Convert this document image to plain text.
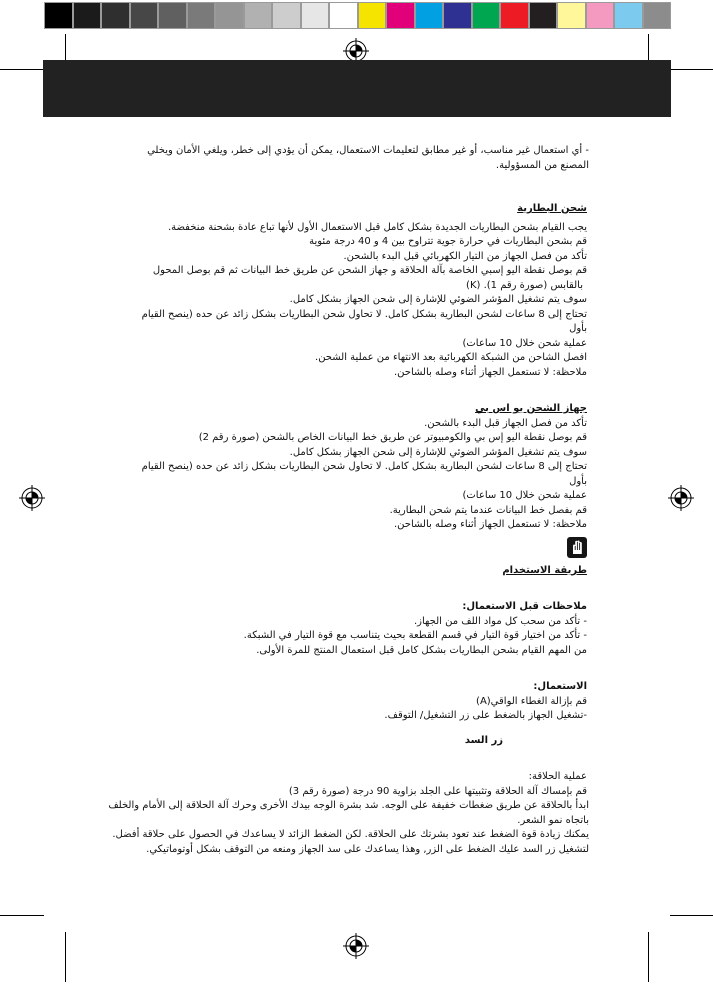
- أي استعمال غير مناسب، أو غير مطابق لتعليمات الاستعمال، يمكن أن يؤدي إلى خطر، ويلغي الأمان ويخلي

المصنع من المسؤولية.

شحن البطارية

يجب القيام بشحن البطاريات الجديدة بشكل كامل قبل الاستعمال الأول لأنها تباع عادة بشحنة منخفضة.

قم بشحن البطاريات في حرارة جوية تتراوح بين 4 و 40 درجة مئوية

تأكد من فصل الجهاز من التيار الكهربائي قبل البدء بالشحن.

قم بوصل نقطة اليو إسبي الخاصة بآلة الحلاقة و جهاز الشحن عن طريق خط البيانات ثم قم بوصل المحول

بالقابس (صورة رقم 1). (K)

سوف يتم تشغيل المؤشر الضوئي للإشارة إلى شحن الجهاز بشكل كامل.

تحتاج إلى 8 ساعات لشحن البطارية بشكل كامل. لا تحاول شحن البطاريات بشكل زائد عن حده (ينصح القيام بأول

عملية شحن خلال 10 ساعات)

افصل الشاحن من الشبكة الكهربائية بعد الانتهاء من عملية الشحن.

ملاحظة: لا تستعمل الجهاز أثناء وصله بالشاحن.

جهاز الشحن يو اس بي

تأكد من فصل الجهاز قبل البدء بالشحن.

قم بوصل نقطة اليو إس بي والكومبيوتر عن طريق خط البيانات الخاص بالشحن (صورة رقم 2)

سوف يتم تشغيل المؤشر الضوئي للإشارة إلى شحن الجهاز بشكل كامل.

تحتاج إلى 8 ساعات لشحن البطارية بشكل كامل. لا تحاول شحن البطاريات بشكل زائد عن حده (ينصح القيام بأول

عملية شحن خلال 10 ساعات)

قم بفصل خط البيانات عندما يتم شحن البطارية.

ملاحظة: لا تستعمل الجهاز أثناء وصله بالشاحن.

طريقة الاستخدام

ملاحظات قبل الاستعمال:

- تأكد من سحب كل مواد اللف من الجهاز.

- تأكد من اختيار قوة التيار في قسم القطعة بحيث يتناسب مع قوة التيار في الشبكة.

من المهم القيام بشحن البطاريات بشكل كامل قبل استعمال المنتج للمرة الأولى.

الاستعمال:

قم بإزالة الغطاء الواقي(A)

-تشغيل الجهاز بالضغط على زر التشغيل/ التوقف.

زر السد

عملية الحلاقة:

قم بإمساك آلة الحلاقة وتثبيتها على الجلد بزاوية 90 درجة (صورة رقم 3)

ابدأ بالحلاقة عن طريق ضغطات خفيفة على الوجه. شد بشرة الوجه بيدك الأخرى وحرك آلة الحلاقة إلى الأمام والخلف

باتجاه نمو الشعر.

يمكنك زيادة قوة الضغط عند تعود بشرتك على الحلاقة. لكن الضغط الزائد لا يساعدك في الحصول على حلاقة أفضل.

لتشغيل زر السد عليك الضغط على الزر, وهذا يساعدك على سد الجهاز ومنعه من التوقف بشكل أوتوماتيكي.
